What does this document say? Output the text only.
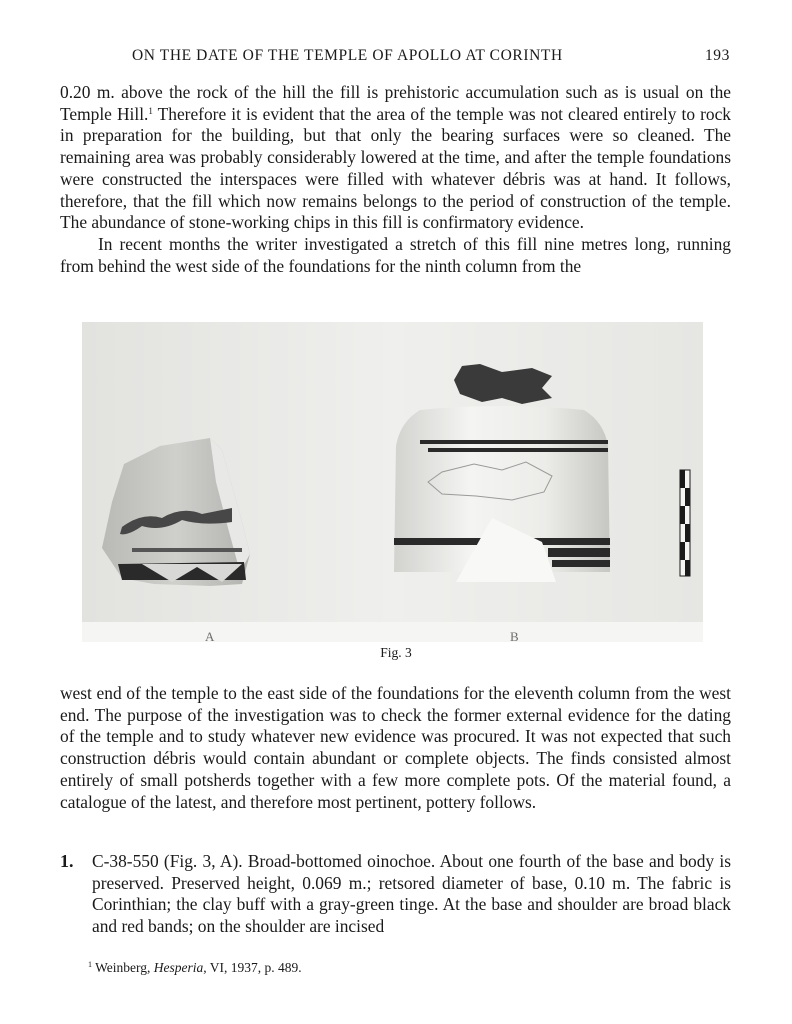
ON THE DATE OF THE TEMPLE OF APOLLO AT CORINTH	193

0.20 m. above the rock of the hill the fill is prehistoric accumulation such as is usual on the Temple Hill.$^1$ Therefore it is evident that the area of the temple was not cleared entirely to rock in preparation for the building, but that only the bearing surfaces were so cleaned. The remaining area was probably considerably lowered at the time, and after the temple foundations were constructed the interspaces were filled with whatever débris was at hand. It follows, therefore, that the fill which now remains belongs to the period of construction of the temple. The abundance of stone-working chips in this fill is confirmatory evidence.

In recent months the writer investigated a stretch of this fill nine metres long, running from behind the west side of the foundations for the ninth column from the

A	B
Fig. 3

west end of the temple to the east side of the foundations for the eleventh column from the west end. The purpose of the investigation was to check the former external evidence for the dating of the temple and to study whatever new evidence was procured. It was not expected that such construction débris would contain abundant or complete objects. The finds consisted almost entirely of small potsherds together with a few more complete pots. Of the material found, a catalogue of the latest, and therefore most pertinent, pottery follows.

1. C-38-550 (Fig. 3, A). Broad-bottomed oinochoe. About one fourth of the base and body is preserved. Preserved height, 0.069 m.; retsored diameter of base, 0.10 m. The fabric is Corinthian; the clay buff with a gray-green tinge. At the base and shoulder are broad black and red bands; on the shoulder are incised
$^1$ Weinberg, Hesperia, VI, 1937, p. 489.
